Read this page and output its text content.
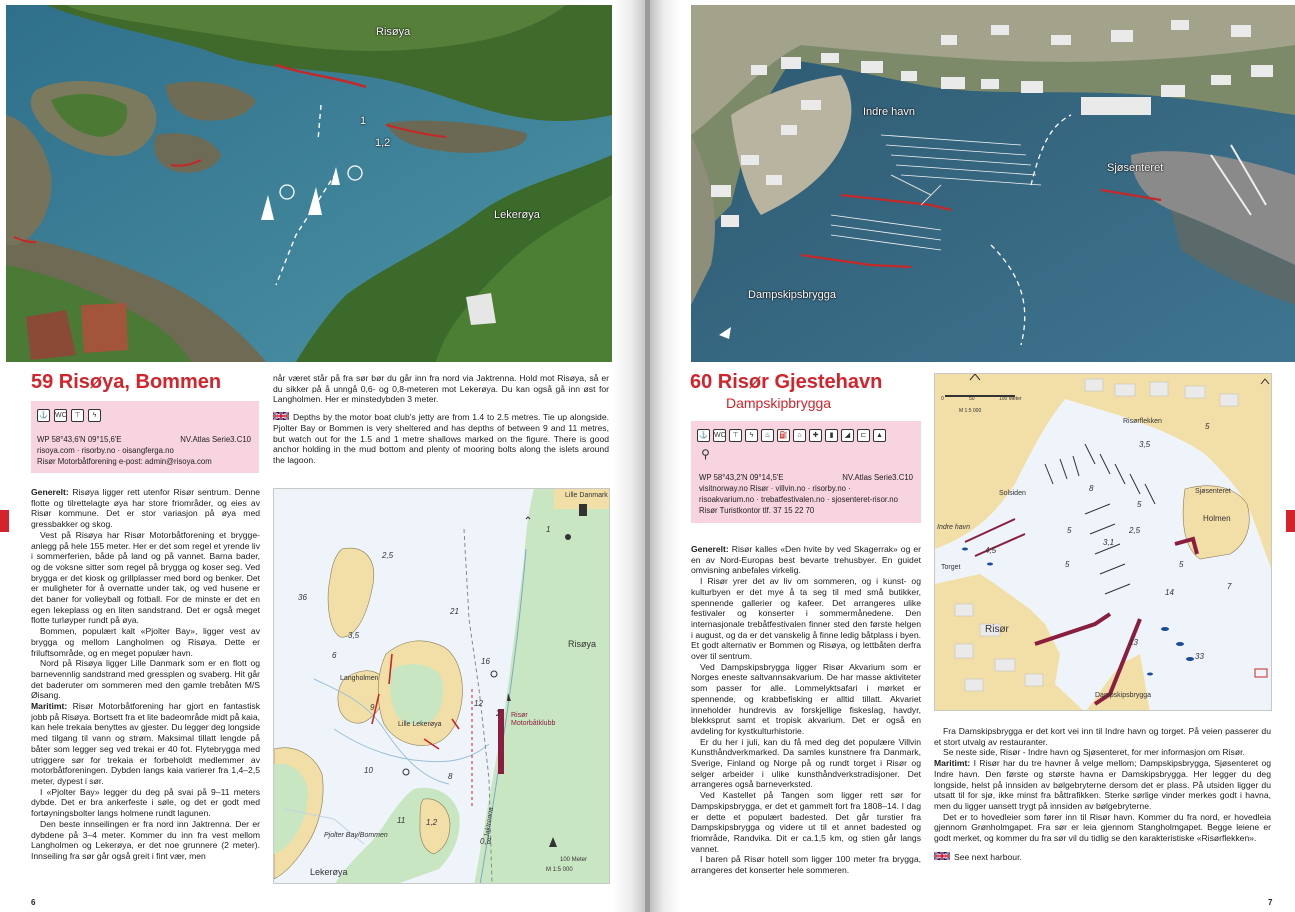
Risøya
Lekerøya
1
1,2
59 Risøya, Bommen
⚓	WC	⊤	ϟ
WP 58°43,6'N 09°15,6'E	NV.Atlas Serie3.C10
risoya.com · risorby.no · oisangferga.no
Risør Motorbåtforening e-post: admin@risoya.com

Generelt: Risøya ligger rett utenfor Risør sentrum. Denne flotte og tilrettelagte øya har store friområder, og eies av Risør kommune. Det er stor variasjon på øya med gressbakker og skog.

Vest på Risøya har Risør Motorbåtforening et bryggeanlegg på hele 155 meter. Her er det som regel et yrende liv i sommerferien, både på land og på vannet. Barna bader, og de voksne sitter som regel på brygga og koser seg. Ved brygga er det kiosk og grillplasser med bord og benker. Det er muligheter for å overnatte under tak, og ved husene er det baner for volleyball og fotball. For de minste er det en egen lekeplass og en liten sandstrand. Det er også meget flotte turløyper rundt på øya.

Bommen, populært kalt «Pjolter Bay», ligger vest av brygga og mellom Langholmen og Risøya. Dette er friluftsområde, og en meget populær havn.

Nord på Risøya ligger Lille Danmark som er en flott og barnevennlig sandstrand med gressplen og svaberg. Hit går det baderuter om sommeren med den gamle trebåten M/S Øisang.

Maritimt: Risør Motorbåtforening har gjort en fantastisk jobb på Risøya. Bortsett fra et lite badeområde midt på kaia, kan hele trekaia benyttes av gjester. Du legger deg longside med tilgang til vann og strøm. Maksimal tillatt lengde på båter som legger seg ved trekai er 40 fot. Flytebrygga med utriggere sør for trekaia er forbeholdt medlemmer av motorbåtforeningen. Dybden langs kaia varierer fra 1,4–2,5 meter, dypest i sør.

I «Pjolter Bay» legger du deg på svai på 9–11 meters dybde. Det er bra ankerfeste i søle, og det er godt med fortøyningsbolter langs holmene rundt lagunen.

Den beste innseilingen er fra nord inn Jaktrenna. Der er dybdene på 3–4 meter. Kommer du inn fra vest mellom Langholmen og Lekerøya, er det noe grunnere (2 meter). Innseiling fra sør går også greit i fint vær, men

når været står på fra sør bør du går inn fra nord via Jaktrenna. Hold mot Risøya, så er du sikker på å unngå 0,6- og 0,8-meteren mot Lekerøya. Du kan også gå inn øst for Langholmen. Her er minstedybden 3 meter.

Depths by the motor boat club's jetty are from 1.4 to 2.5 metres. Tie up alongside. Pjolter Bay or Bommen is very sheltered and has depths of between 9 and 11 metres, but watch out for the 1.5 and 1 metre shallows marked on the figure. There is good anchor holding in the mud bottom and plenty of mooring bolts along the islets around the lagoon.

Lille Danmark
Risøya
Langholmen
Lille Lekerøya
Risør Motorbåtklubb
Pjolter Bay/Bommen
Lekerøya
Jaktrenna
M 1:5 000
100 Meter
36
21
6
9	12
16
8
11
10
1,2
0,8
1
2,5
3,5
2
6
Indre havn
Sjøsenteret
Dampskipsbrygga
60 Risør Gjestehavn
Dampskipbrygga
⚓ WC ⊤	ϟ	♨	⛽	⌂	✚	▮	◢	⊏	▲
⚲
WP 58°43,2'N 09°14,5'E	NV.Atlas Serie3.C10
visitnorway.no Risør · villvin.no · risorby.no ·
risoakvarium.no · trebatfestivalen.no · sjosenteret-risor.no
Risør Turistkontor tlf. 37 15 22 70

Generelt: Risør kalles «Den hvite by ved Skagerrak» og er en av Nord-Europas best bevarte trehusbyer. En guidet omvisning anbefales virkelig.

I Risør yrer det av liv om sommeren, og i kunst- og kulturbyen er det mye å ta seg til med små butikker, spennende gallerier og kafeer. Det arrangeres ulike festivaler og konserter i sommermånedene. Den internasjonale trebåtfestivalen finner sted den første helgen i august, og da er det vanskelig å finne ledig båtplass i byen. Et godt alternativ er Bommen og Risøya, og lettbåten derfra over til sentrum.

Ved Dampskipsbrygga ligger Risør Akvarium som er Norges eneste saltvannsakvarium. De har masse aktiviteter som passer for alle. Lommelyktsafari i mørket er spennende, og krabbefisking er alltid tillatt. Akvariet inneholder hundrevis av forskjellige fiskeslag, havdyr, blekksprut samt et tropisk akvarium. Det er også en avdeling for kystkulturhistorie.

Er du her i juli, kan du få med deg det populære Villvin Kunsthåndverkmarked. Da samles kunstnere fra Danmark, Sverige, Finland og Norge på og rundt torget i Risør og selger arbeider i ulike kunsthåndverkstradisjoner. Det arrangeres også barneverksted.

Ved Kastellet på Tangen som ligger rett sør for Dampskipsbrygga, er det et gammelt fort fra 1808–14. I dag er dette et populært badested. Det går turstier fra Dampskipsbrygga og videre ut til et annet badested og friområde, Randvika. Dit er ca.1,5 km, og stien går langs vannet.

I baren på Risør hotell som ligger 100 meter fra brygga, arrangeres det konserter hele sommeren.

Risørflekken
Solsiden	Sjøsenteret
Holmen
Indre havn
Torget
Risør
Dampskipsbrygga
0	50	100 Meter
M 1:5 000
3,5
8
5
2,5
3,1
4,5
5
5
5
14
7
13
33
5

Fra Damskipsbrygga er det kort vei inn til Indre havn og torget. På veien passerer du et stort utvalg av restauranter.

Se neste side, Risør - Indre havn og Sjøsenteret, for mer informasjon om Risør.

Maritimt: I Risør har du tre havner å velge mellom; Dampskipsbrygga, Sjøsenteret og Indre havn. Den første og største havna er Damskipsbrygga. Her legger du deg longside, helst på innsiden av bølgebryterne dersom det er plass. På utsiden ligger du utsatt til for sjø, ikke minst fra båttrafikken. Sterke sørlige vinder merkes godt i havna, men du ligger uansett trygt på innsiden av bølgebryterne.

Det er to hovedleier som fører inn til Risør havn. Kommer du fra nord, er hovedleia gjennom Grønholmgapet. Fra sør er leia gjennom Stangholmgapet. Begge leiene er godt merket, og kommer du fra sør vil du tidlig se den karakteristiske «Risørflekken».

See next harbour.

7
